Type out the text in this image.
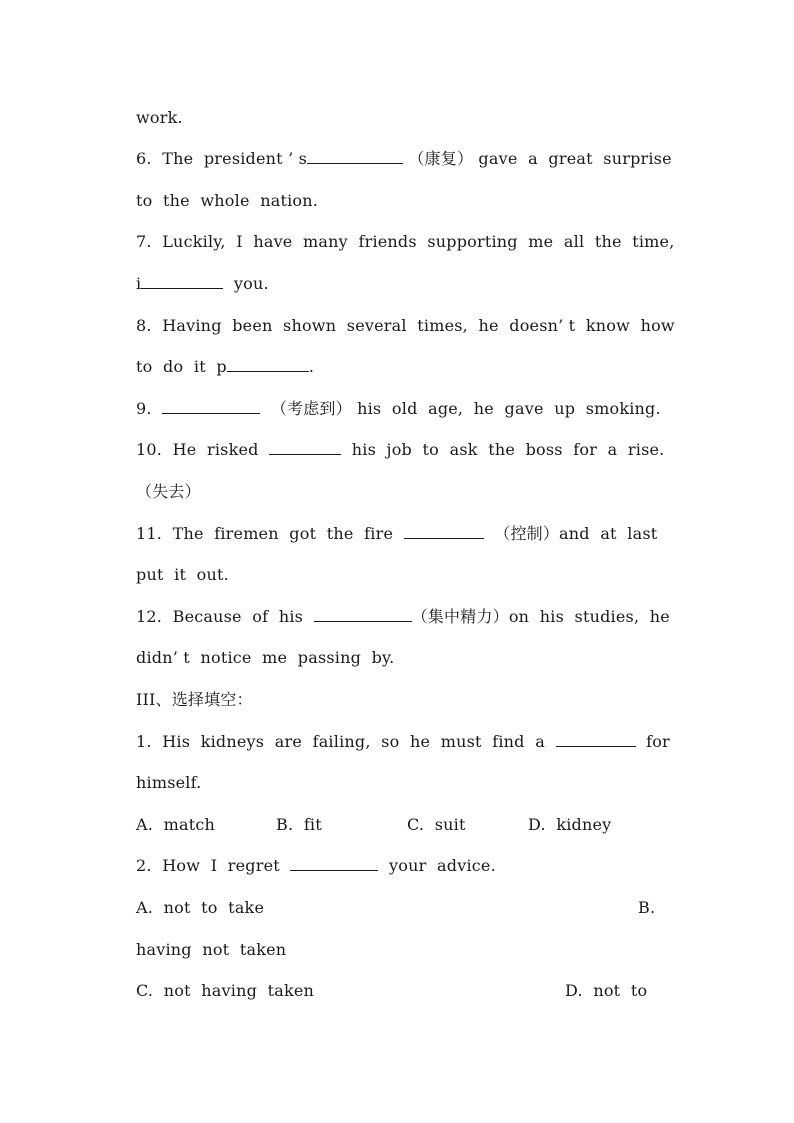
work.
6.  The  president ’ s	（康复） gave  a  great  surprise
to  the  whole  nation.
7.  Luckily,  I  have  many  friends  supporting  me  all  the  time,
i	you.
8.  Having  been  shown  several  times,  he  doesn’ t  know  how
to  do  it  p	.
9.	（考虑到） his  old  age,  he  gave  up  smoking.
10.  He  risked	his  job  to  ask  the  boss  for  a  rise.
（失去）
11.  The  firemen  got  the  fire	（控制）and  at  last
put  it  out.
12.  Because  of  his	（集中精力）on  his  studies,  he
didn’ t  notice  me  passing  by.
III、选择填空：
1.  His  kidneys  are  failing,  so  he  must  find  a	for
himself.
A.  match	B.  fit	C.  suit	D.  kidney
2.  How  I  regret	your  advice.
A.  not  to  take	B.
having  not  taken
C.  not  having  taken	D.  not  to
